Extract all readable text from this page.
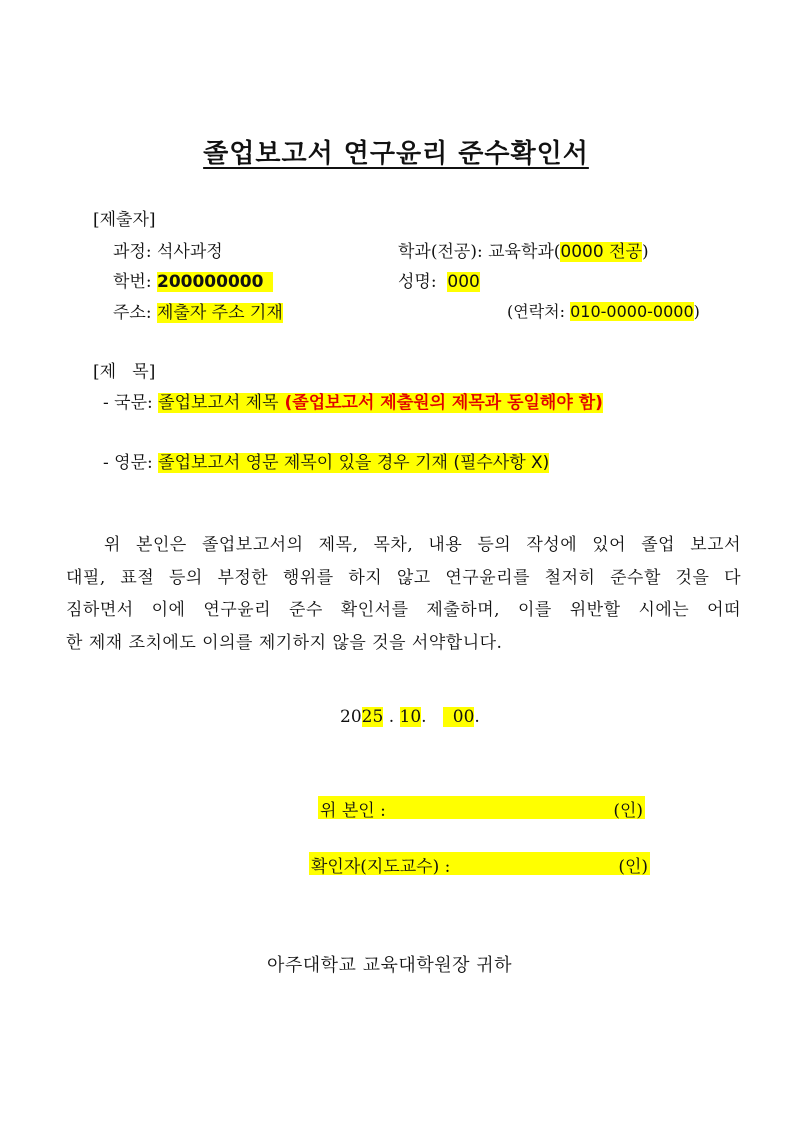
졸업보고서 연구윤리 준수확인서
[제출자]
과정: 석사과정	학과(전공): 교육학과(0000 전공)
학번: 200000000	성명: 000
주소: 제출자 주소 기재	(연락처: 010-0000-0000)
[제   목]
- 국문: 졸업보고서 제목 (졸업보고서 제출원의 제목과 동일해야 함)
- 영문: 졸업보고서 영문 제목이 있을 경우 기재 (필수사항 X)
위 본인은 졸업보고서의 제목, 목차, 내용 등의 작성에 있어 졸업 보고서
대필, 표절 등의 부정한 행위를 하지 않고 연구윤리를 철저히 준수할 것을 다
짐하면서 이에 연구윤리 준수 확인서를 제출하며, 이를 위반할 시에는 어떠
한 제재 조치에도 이의를 제기하지 않을 것을 서약합니다.
2025 . 10. 00.
위 본인 :	(인)
확인자(지도교수) :	(인)
아주대학교 교육대학원장 귀하
